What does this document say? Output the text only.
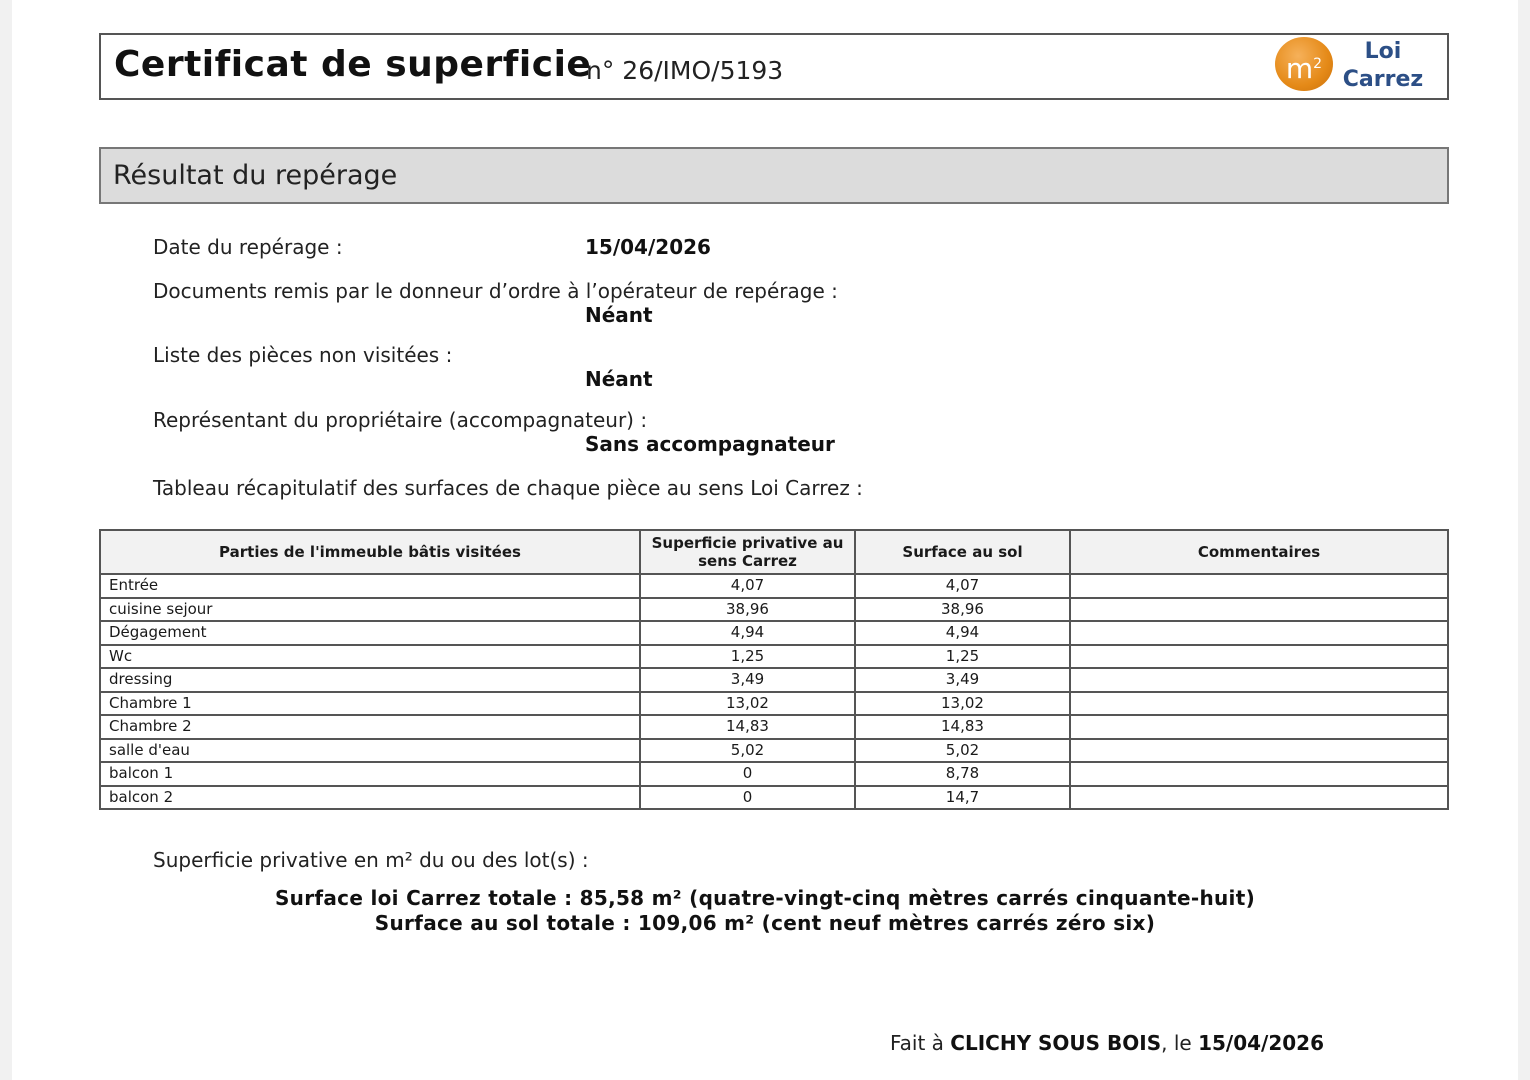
Certificat de superficie
n° 26/IMO/5193	$m^2$	Loi
Carrez
Résultat du repérage
Date du repérage :	15/04/2026
Documents remis par le donneur d’ordre à l’opérateur de repérage :
Néant
Liste des pièces non visitées :
Néant
Représentant du propriétaire (accompagnateur) :
Sans accompagnateur
Tableau récapitulatif des surfaces de chaque pièce au sens Loi Carrez :
Parties de l'immeuble bâtis visitées	Superficie privative au sens Carrez	Surface au sol	Commentaires
Entrée	4,07	4,07	
cuisine sejour	38,96	38,96	
Dégagement	4,94	4,94	
Wc	1,25	1,25	
dressing	3,49	3,49	
Chambre 1	13,02	13,02	
Chambre 2	14,83	14,83	
salle d'eau	5,02	5,02	
balcon 1	0	8,78	
balcon 2	0	14,7	
Superficie privative en m² du ou des lot(s) :
Surface loi Carrez totale : 85,58 m² (quatre-vingt-cinq mètres carrés cinquante-huit)
Surface au sol totale : 109,06 m² (cent neuf mètres carrés zéro six)
Fait à CLICHY SOUS BOIS, le 15/04/2026
